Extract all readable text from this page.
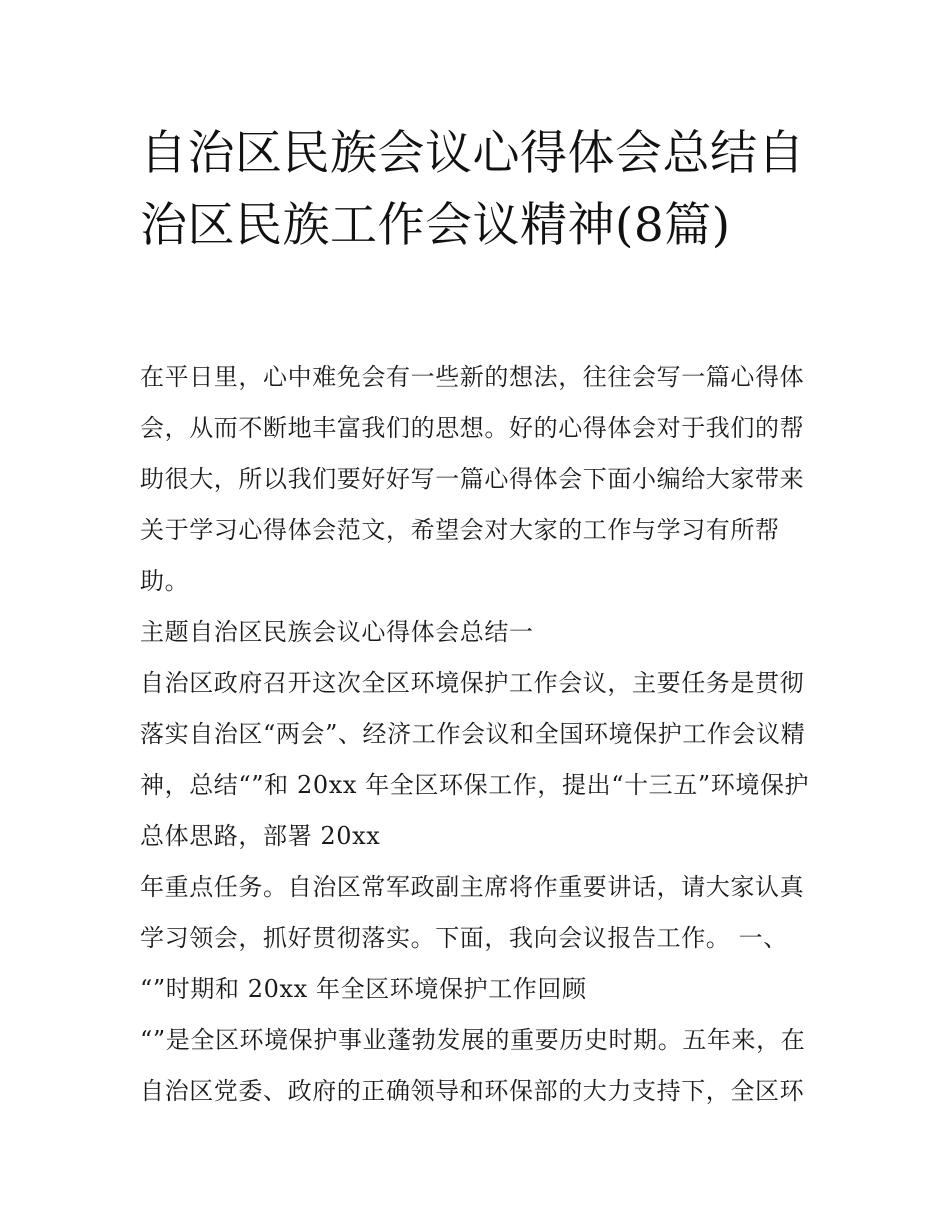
自治区民族会议心得体会总结自治区民族工作会议精神(8篇)
在平日里，心中难免会有一些新的想法，往往会写一篇心得体
会，从而不断地丰富我们的思想。好的心得体会对于我们的帮
助很大，所以我们要好好写一篇心得体会下面小编给大家带来
关于学习心得体会范文，希望会对大家的工作与学习有所帮
助。
主题自治区民族会议心得体会总结一
自治区政府召开这次全区环境保护工作会议，主要任务是贯彻
落实自治区“两会”、经济工作会议和全国环境保护工作会议精
神，总结“”和 20xx 年全区环保工作，提出“十三五”环境保护
总体思路，部署 20xx
年重点任务。自治区常军政副主席将作重要讲话，请大家认真
学习领会，抓好贯彻落实。下面，我向会议报告工作。 一、
“”时期和 20xx 年全区环境保护工作回顾
“”是全区环境保护事业蓬勃发展的重要历史时期。五年来，在
自治区党委、政府的正确领导和环保部的大力支持下，全区环
